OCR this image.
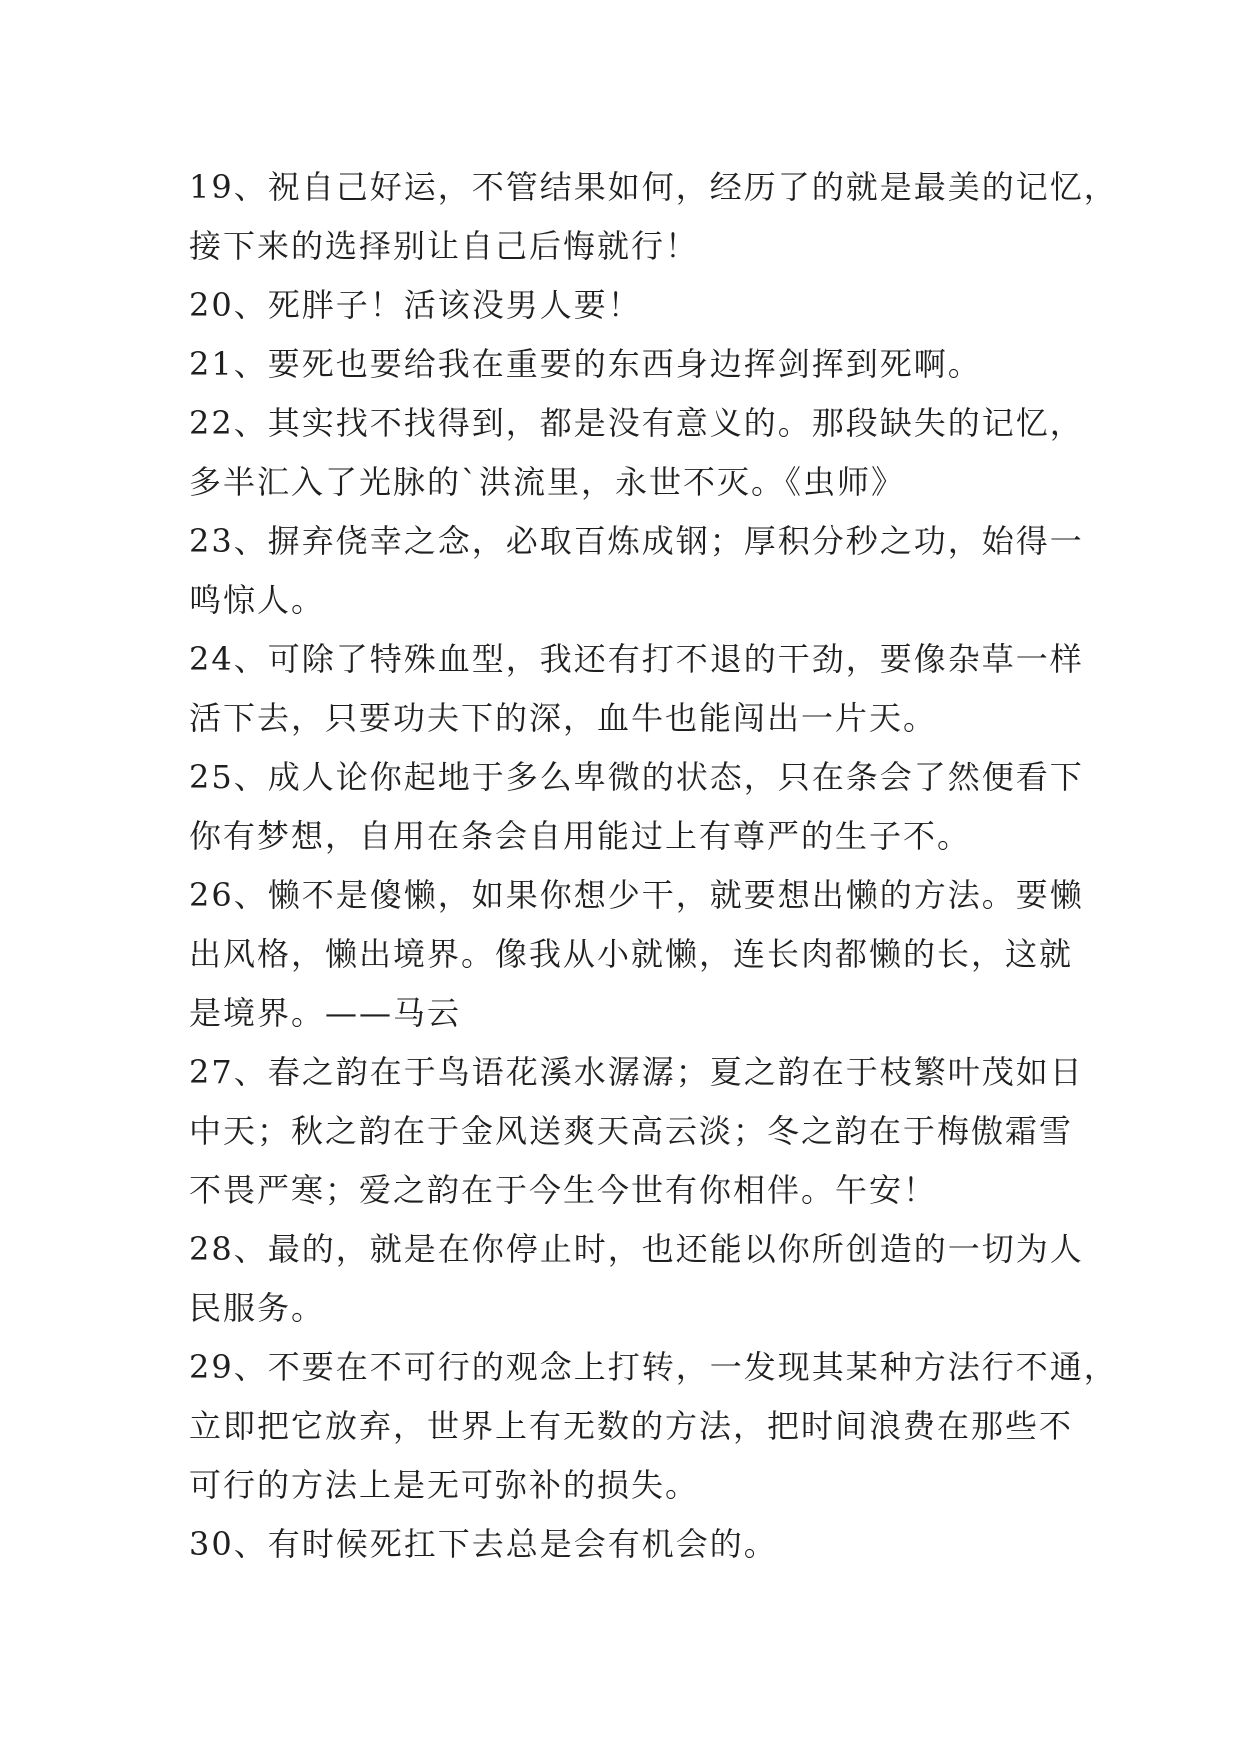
19、祝自己好运，不管结果如何，经历了的就是最美的记忆，
接下来的选择别让自己后悔就行！
20、死胖子！活该没男人要！
21、要死也要给我在重要的东西身边挥剑挥到死啊。
22、其实找不找得到，都是没有意义的。那段缺失的记忆，
多半汇入了光脉的`洪流里，永世不灭。《虫师》
23、摒弃侥幸之念，必取百炼成钢；厚积分秒之功，始得一
鸣惊人。
24、可除了特殊血型，我还有打不退的干劲，要像杂草一样
活下去，只要功夫下的深，血牛也能闯出一片天。
25、成人论你起地于多么卑微的状态，只在条会了然便看下
你有梦想，自用在条会自用能过上有尊严的生子不。
26、懒不是傻懒，如果你想少干，就要想出懒的方法。要懒
出风格，懒出境界。像我从小就懒，连长肉都懒的长，这就
是境界。——马云
27、春之韵在于鸟语花溪水潺潺；夏之韵在于枝繁叶茂如日
中天；秋之韵在于金风送爽天高云淡；冬之韵在于梅傲霜雪
不畏严寒；爱之韵在于今生今世有你相伴。午安！
28、最的，就是在你停止时，也还能以你所创造的一切为人
民服务。
29、不要在不可行的观念上打转，一发现其某种方法行不通，
立即把它放弃，世界上有无数的方法，把时间浪费在那些不
可行的方法上是无可弥补的损失。
30、有时候死扛下去总是会有机会的。
